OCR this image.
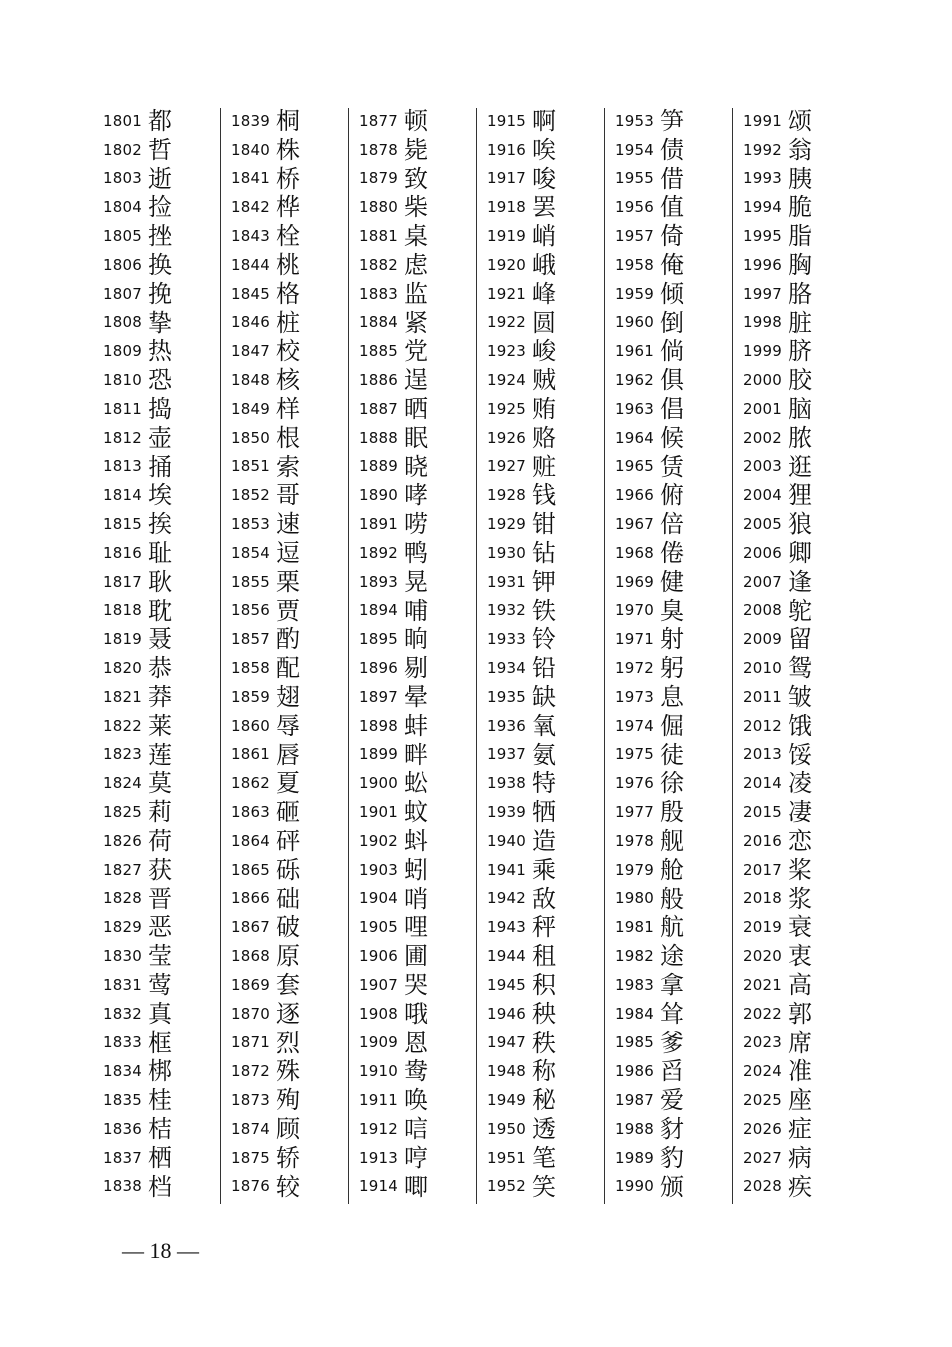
1801 都
1802 哲
1803 逝
1804 捡
1805 挫
1806 换
1807 挽
1808 挚
1809 热
1810 恐
1811 捣
1812 壶
1813 捅
1814 埃
1815 挨
1816 耻
1817 耿
1818 耽
1819 聂
1820 恭
1821 莽
1822 莱
1823 莲
1824 莫
1825 莉
1826 荷
1827 获
1828 晋
1829 恶
1830 莹
1831 莺
1832 真
1833 框
1834 梆
1835 桂
1836 桔
1837 栖
1838 档
1839 桐
1840 株
1841 桥
1842 桦
1843 栓
1844 桃
1845 格
1846 桩
1847 校
1848 核
1849 样
1850 根
1851 索
1852 哥
1853 速
1854 逗
1855 栗
1856 贾
1857 酌
1858 配
1859 翅
1860 辱
1861 唇
1862 夏
1863 砸
1864 砰
1865 砾
1866 础
1867 破
1868 原
1869 套
1870 逐
1871 烈
1872 殊
1873 殉
1874 顾
1875 轿
1876 较
1877 顿
1878 毙
1879 致
1880 柴
1881 桌
1882 虑
1883 监
1884 紧
1885 党
1886 逞
1887 晒
1888 眠
1889 晓
1890 哮
1891 唠
1892 鸭
1893 晃
1894 哺
1895 晌
1896 剔
1897 晕
1898 蚌
1899 畔
1900 蚣
1901 蚊
1902 蚪
1903 蚓
1904 哨
1905 哩
1906 圃
1907 哭
1908 哦
1909 恩
1910 鸯
1911 唤
1912 唁
1913 哼
1914 唧
1915 啊
1916 唉
1917 唆
1918 罢
1919 峭
1920 峨
1921 峰
1922 圆
1923 峻
1924 贼
1925 贿
1926 赂
1927 赃
1928 钱
1929 钳
1930 钻
1931 钾
1932 铁
1933 铃
1934 铅
1935 缺
1936 氧
1937 氨
1938 特
1939 牺
1940 造
1941 乘
1942 敌
1943 秤
1944 租
1945 积
1946 秧
1947 秩
1948 称
1949 秘
1950 透
1951 笔
1952 笑
1953 笋
1954 债
1955 借
1956 值
1957 倚
1958 俺
1959 倾
1960 倒
1961 倘
1962 俱
1963 倡
1964 候
1965 赁
1966 俯
1967 倍
1968 倦
1969 健
1970 臭
1971 射
1972 躬
1973 息
1974 倔
1975 徒
1976 徐
1977 殷
1978 舰
1979 舱
1980 般
1981 航
1982 途
1983 拿
1984 耸
1985 爹
1986 舀
1987 爱
1988 豺
1989 豹
1990 颁
1991 颂
1992 翁
1993 胰
1994 脆
1995 脂
1996 胸
1997 胳
1998 脏
1999 脐
2000 胶
2001 脑
2002 脓
2003 逛
2004 狸
2005 狼
2006 卿
2007 逢
2008 鸵
2009 留
2010 鸳
2011 皱
2012 饿
2013 馁
2014 凌
2015 凄
2016 恋
2017 桨
2018 浆
2019 衰
2020 衷
2021 高
2022 郭
2023 席
2024 准
2025 座
2026 症
2027 病
2028 疾
— 18 —
